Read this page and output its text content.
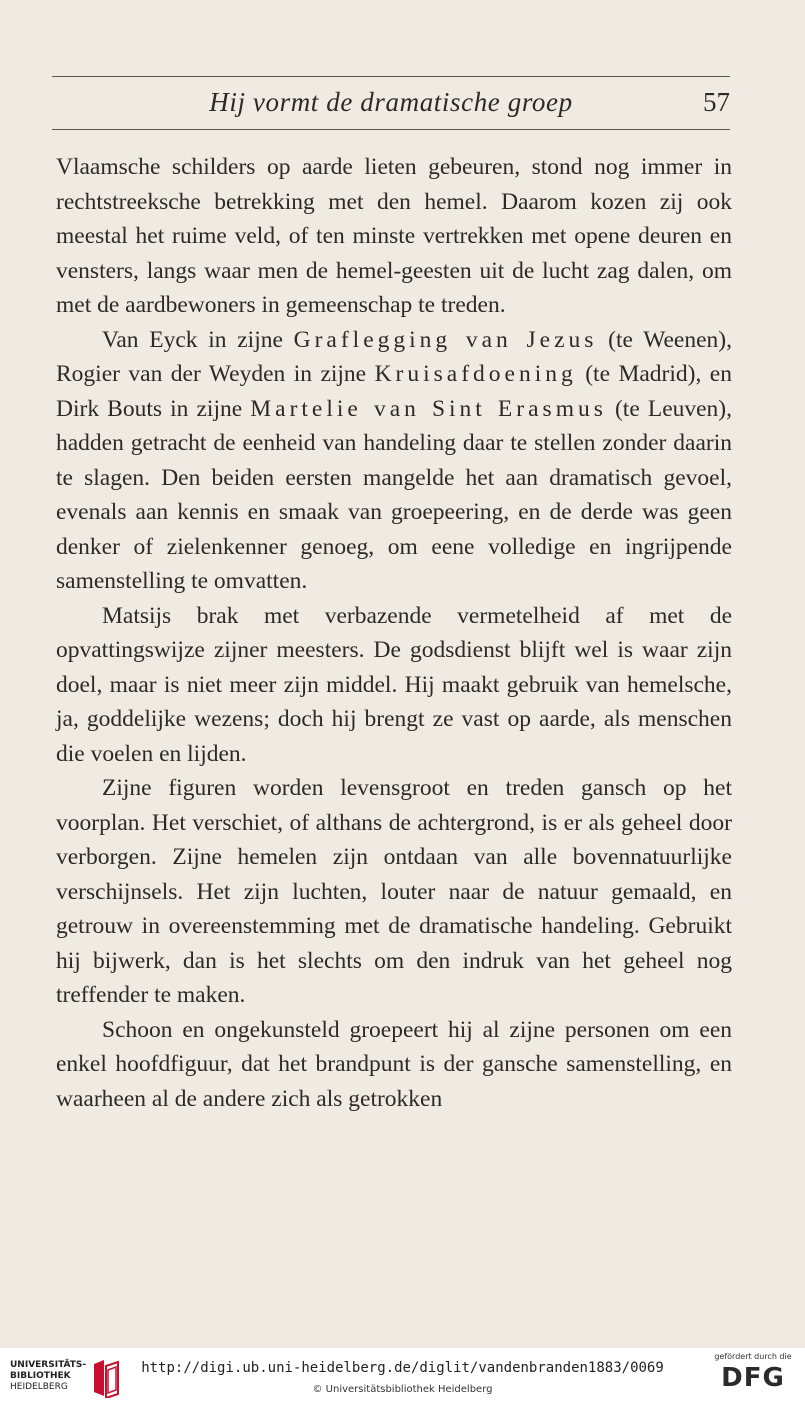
Hij vormt de dramatische groep	57

Vlaamsche schilders op aarde lieten gebeuren, stond nog immer in rechtstreeksche betrekking met den hemel. Daarom kozen zij ook meestal het ruime veld, of ten minste vertrekken met opene deuren en vensters, langs waar men de hemel-geesten uit de lucht zag dalen, om met de aardbewoners in gemeenschap te treden.

Van Eyck in zijne Graflegging van Jezus (te Weenen), Rogier van der Weyden in zijne Kruisafdoening (te Madrid), en Dirk Bouts in zijne Martelie van Sint Erasmus (te Leuven), hadden getracht de eenheid van handeling daar te stellen zonder daarin te slagen. Den beiden eersten mangelde het aan dramatisch gevoel, evenals aan kennis en smaak van groepeering, en de derde was geen denker of zielenkenner genoeg, om eene volledige en ingrijpende samenstelling te omvatten.

Matsijs brak met verbazende vermetelheid af met de opvattingswijze zijner meesters. De godsdienst blijft wel is waar zijn doel, maar is niet meer zijn middel. Hij maakt gebruik van hemelsche, ja, goddelijke wezens; doch hij brengt ze vast op aarde, als menschen die voelen en lijden.

Zijne figuren worden levensgroot en treden gansch op het voorplan. Het verschiet, of althans de achtergrond, is er als geheel door verborgen. Zijne hemelen zijn ontdaan van alle bovennatuurlijke verschijnsels. Het zijn luchten, louter naar de natuur gemaald, en getrouw in overeenstemming met de dramatische handeling. Gebruikt hij bijwerk, dan is het slechts om den indruk van het geheel nog treffender te maken.

Schoon en ongekunsteld groepeert hij al zijne personen om een enkel hoofdfiguur, dat het brandpunt is der gansche samenstelling, en waarheen al de andere zich als getrokken

UNIVERSITÄTS-
BIBLIOTHEK
HEIDELBERG
http://digi.ub.uni-heidelberg.de/diglit/vandenbranden1883/0069
© Universitätsbibliothek Heidelberg
gefördert durch die
DFG
